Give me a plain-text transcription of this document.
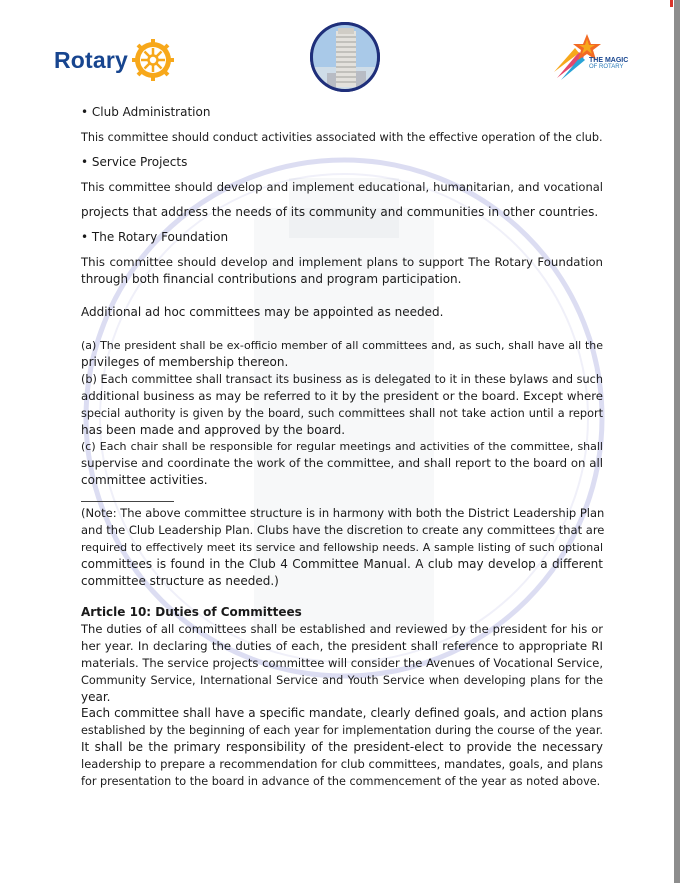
Rotary	THE MAGIC
OF ROTARY
• Club Administration
This committee should conduct activities associated with the effective operation of the club.
• Service Projects
This committee should develop and implement educational, humanitarian, and vocational
projects that address the needs of its community and communities in other countries.
• The Rotary Foundation
This committee should develop and implement plans to support The Rotary Foundation
through both financial contributions and program participation.
Additional ad hoc committees may be appointed as needed.
(a) The president shall be ex-officio member of all committees and, as such, shall have all the
privileges of membership thereon.
(b) Each committee shall transact its business as is delegated to it in these bylaws and such
additional business as may be referred to it by the president or the board. Except where
special authority is given by the board, such committees shall not take action until a report
has been made and approved by the board.
(c) Each chair shall be responsible for regular meetings and activities of the committee, shall
supervise and coordinate the work of the committee, and shall report to the board on all
committee activities.
(Note: The above committee structure is in harmony with both the District Leadership Plan
and the Club Leadership Plan. Clubs have the discretion to create any committees that are
required to effectively meet its service and fellowship needs. A sample listing of such optional
committees is found in the Club 4 Committee Manual. A club may develop a different
committee structure as needed.)
Article 10: Duties of Committees
The duties of all committees shall be established and reviewed by the president for his or
her year. In declaring the duties of each, the president shall reference to appropriate RI
materials. The service projects committee will consider the Avenues of Vocational Service,
Community Service, International Service and Youth Service when developing plans for the
year.
Each committee shall have a specific mandate, clearly defined goals, and action plans
established by the beginning of each year for implementation during the course of the year.
It shall be the primary responsibility of the president-elect to provide the necessary
leadership to prepare a recommendation for club committees, mandates, goals, and plans
for presentation to the board in advance of the commencement of the year as noted above.
